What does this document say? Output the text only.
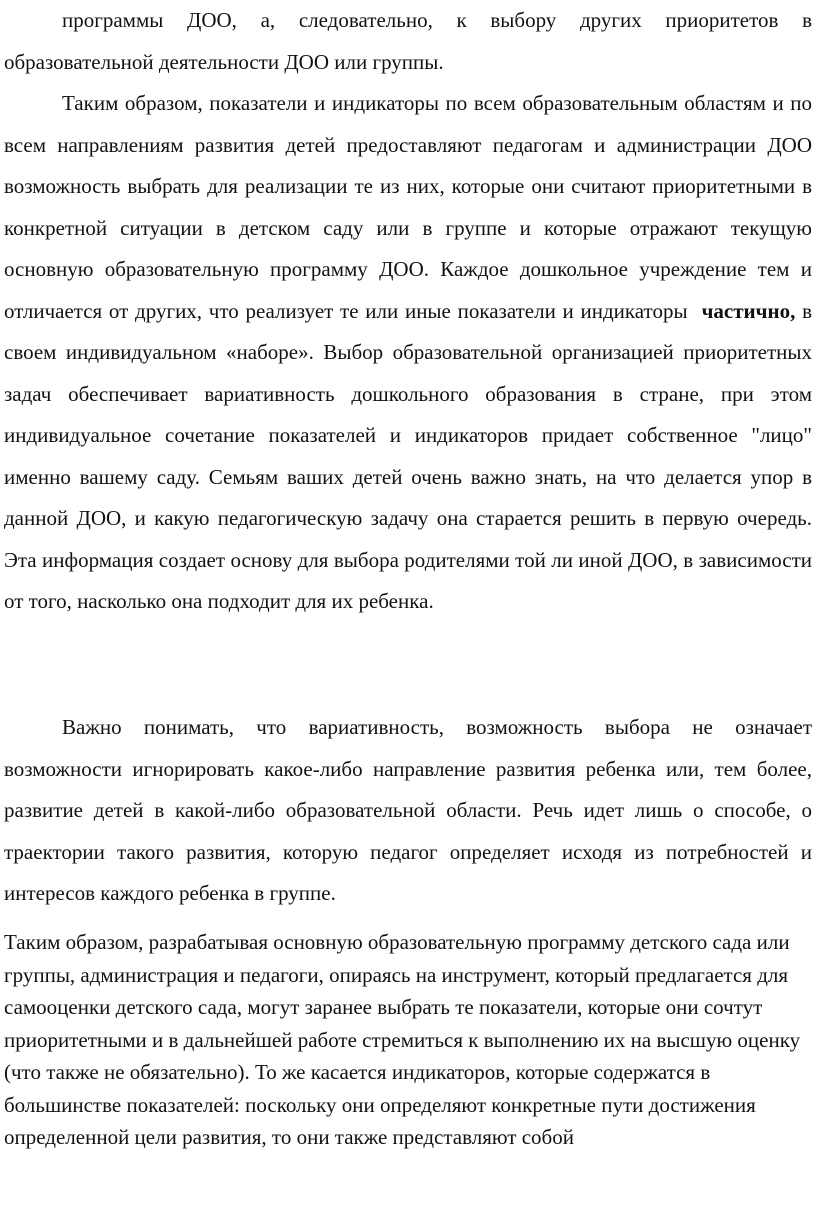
программы ДОО, а, следовательно, к выбору других приоритетов в образовательной деятельности ДОО или группы.

Таким образом, показатели и индикаторы по всем образовательным областям и по всем направлениям развития детей предоставляют педагогам и администрации ДОО возможность выбрать для реализации те из них, которые они считают приоритетными в конкретной ситуации в детском саду или в группе и которые отражают текущую основную образовательную программу ДОО. Каждое дошкольное учреждение тем и отличается от других, что реализует те или иные показатели и индикаторы частично, в своем индивидуальном «наборе». Выбор образовательной организацией приоритетных задач обеспечивает вариативность дошкольного образования в стране, при этом индивидуальное сочетание показателей и индикаторов придает собственное "лицо" именно вашему саду. Семьям ваших детей очень важно знать, на что делается упор в данной ДОО, и какую педагогическую задачу она старается решить в первую очередь. Эта информация создает основу для выбора родителями той ли иной ДОО, в зависимости от того, насколько она подходит для их ребенка.

Важно понимать, что вариативность, возможность выбора не означает возможности игнорировать какое-либо направление развития ребенка или, тем более, развитие детей в какой-либо образовательной области. Речь идет лишь о способе, о траектории такого развития, которую педагог определяет исходя из потребностей и интересов каждого ребенка в группе.

Таким образом, разрабатывая основную образовательную программу детского сада или группы, администрация и педагоги, опираясь на инструмент, который предлагается для самооценки детского сада, могут заранее выбрать те показатели, которые они сочтут приоритетными и в дальнейшей работе стремиться к выполнению их на высшую оценку (что также не обязательно). То же касается индикаторов, которые содержатся в большинстве показателей: поскольку они определяют конкретные пути достижения определенной цели развития, то они также представляют собой
